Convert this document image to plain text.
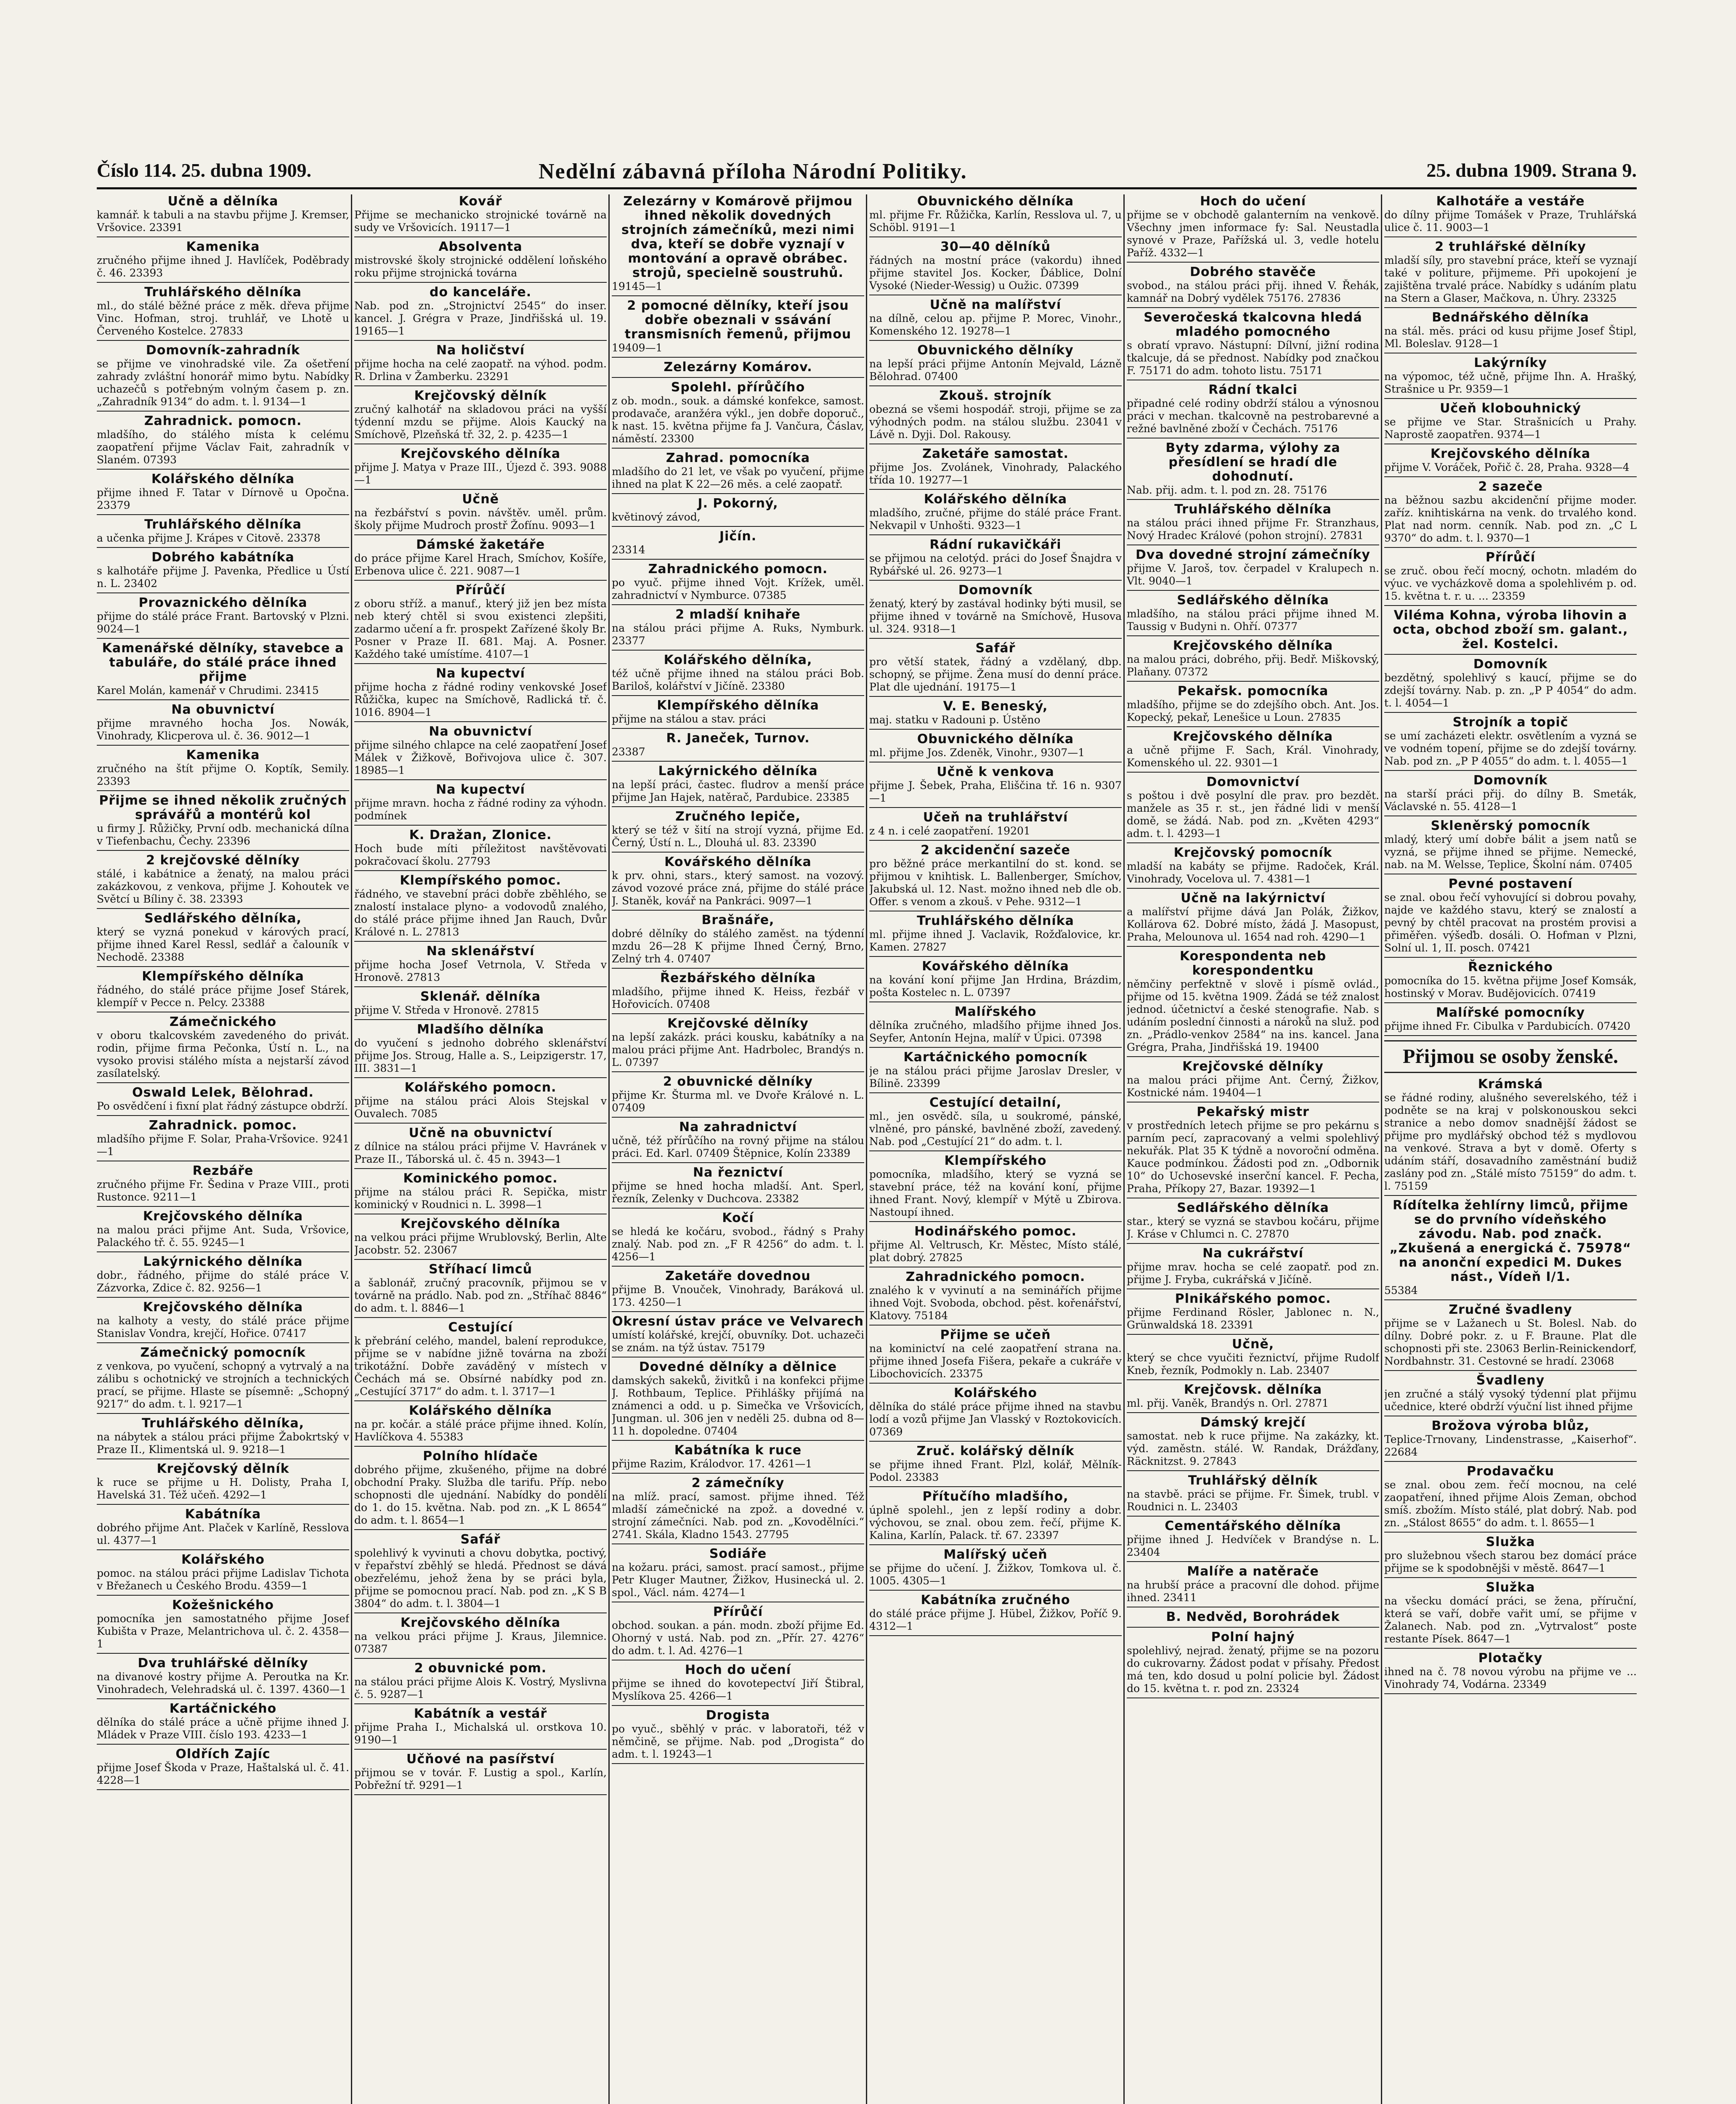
Číslo 114. 25. dubna 1909.	Nedělní zábavná příloha Národní Politiky.	25. dubna 1909. Strana 9.
Učně a dělníka
kamnář. k tabuli a na stavbu přijme J. Kremser, Vršovice. 23391
Kamenika
zručného přijme ihned J. Havlíček, Poděbrady č. 46. 23393
Truhlářského dělníka
ml., do stálé běžné práce z měk. dřeva přijme Vinc. Hofman, stroj. truhlář, ve Lhotě u Červeného Kostelce. 27833
Domovník-zahradník
se přijme ve vinohradské vile. Za ošetření zahrady zvláštní honorář mimo bytu. Nabídky uchazečů s potřebným volným časem p. zn. „Zahradník 9134“ do adm. t. l. 9134—1
Zahradnick. pomocn.
mladšího, do stálého místa k celému zaopatření přijme Václav Fait, zahradník v Slaném. 07393
Kolářského dělníka
přijme ihned F. Tatar v Dírnově u Opočna. 23379
Truhlářského dělníka
a učenka přijme J. Krápes v Citově. 23378
Dobrého kabátníka
s kalhotáře přijme J. Pavenka, Předlice u Ústí n. L. 23402
Provaznického dělníka
přijme do stálé práce Frant. Bartovský v Plzni. 9024—1
Kamenářské dělníky, stavebce a tabuláře, do stálé práce ihned přijme
Karel Molán, kamenář v Chrudimi. 23415
Na obuvnictví
přijme mravného hocha Jos. Nowák, Vinohrady, Klicperova ul. č. 36. 9012—1
Kamenika
zručného na štít přijme O. Koptík, Semily. 23393
Přijme se ihned několik zručných správářů a montérů kol
u firmy J. Růžičky, První odb. mechanická dílna v Tiefenbachu, Čechy. 23396
2 krejčovské dělníky
stálé, i kabátnice a ženatý, na malou práci zakázkovou, z venkova, přijme J. Kohoutek ve Světcí u Bíliny č. 38. 23393
Sedlářského dělníka,
který se vyzná ponekud v kárových prací, přijme ihned Karel Ressl, sedlář a čalouník v Nechodě. 23388
Klempířského dělníka
řádného, do stálé práce přijme Josef Stárek, klempíř v Pecce n. Pelcy. 23388
Zámečnického
v oboru tkalcovském zavedeného do privát. rodin, přijme firma Pečonka, Ústí n. L., na vysoko provisi stálého místa a nejstarší závod zasílatelský.
Oswald Lelek, Bělohrad.
Po osvědčení i fixní plat řádný zástupce obdrží.
Zahradnick. pomoc.
mladšího přijme F. Solar, Praha-Vršovice. 9241—1
Rezbáře
zručného přijme Fr. Šedina v Praze VIII., proti Rustonce. 9211—1
Krejčovského dělníka
na malou práci přijme Ant. Suda, Vršovice, Palackého tř. č. 55. 9245—1
Lakýrnického dělníka
dobr., řádného, přijme do stálé práce V. Zázvorka, Zdice č. 82. 9256—1
Krejčovského dělníka
na kalhoty a vesty, do stálé práce přijme Stanislav Vondra, krejčí, Hořice. 07417
Zámečnický pomocník
z venkova, po vyučení, schopný a vytrvalý a na zálibu s ochotnický ve strojních a technických prací, se přijme. Hlaste se písemně: „Schopný 9217“ do adm. t. l. 9217—1
Truhlářského dělníka,
na nábytek a stálou práci přijme Žabokrtský v Praze II., Klimentská ul. 9. 9218—1
Krejčovský dělník
k ruce se přijme u H. Dolisty, Praha I, Havelská 31. Též učeň. 4292—1
Kabátníka
dobrého přijme Ant. Plaček v Karlíně, Resslova ul. 4377—1
Kolářského
pomoc. na stálou práci přijme Ladislav Tichota v Břežanech u Českého Brodu. 4359—1
Kožešnického
pomocníka jen samostatného přijme Josef Kubišta v Praze, Melantrichova ul. č. 2. 4358—1
Dva truhlářské dělníky
na divanové kostry přijme A. Peroutka na Kr. Vinohradech, Velehradská ul. č. 1397. 4360—1
Kartáčnického
dělníka do stálé práce a učně přijme ihned J. Mládek v Praze VIII. číslo 193. 4233—1
Oldřích Zajíc
přijme Josef Škoda v Praze, Haštalská ul. č. 41. 4228—1
Kovář
Přijme se mechanicko strojnické továrně na sudy ve Vršovicích. 19117—1
Absolventa
mistrovské školy strojnické oddělení loňského roku přijme strojnická továrna
do kanceláře.
Nab. pod zn. „Strojnictví 2545“ do inser. kancel. J. Grégra v Praze, Jindřišská ul. 19. 19165—1
Na holičství
přijme hocha na celé zaopatř. na výhod. podm. R. Drlina v Žamberku. 23291
Krejčovský dělník
zručný kalhotář na skladovou práci na vyšší týdenní mzdu se přijme. Alois Kaucký na Smíchově, Plzeňská tř. 32, 2. p. 4235—1
Krejčovského dělníka
přijme J. Matya v Praze III., Újezd č. 393. 9088—1
Učně
na řezbářství s povin. návštěv. uměl. prům. školy přijme Mudroch prostř Žofínu. 9093—1
Dámské žaketáře
do práce přijme Karel Hrach, Smíchov, Košíře, Erbenova ulice č. 221. 9087—1
Přírůčí
z oboru stříž. a manuf., který již jen bez místa neb který chtěl si svou existenci zlepšiti, zadarmo učení a fr. prospekt Zařízené školy Br. Posner v Praze II. 681. Maj. A. Posner. Každého také umístíme. 4107—1
Na kupectví
přijme hocha z řádné rodiny venkovské Josef Růžička, kupec na Smíchově, Radlická tř. č. 1016. 8904—1
Na obuvnictví
přijme silného chlapce na celé zaopatření Josef Málek v Žižkově, Bořivojova ulice č. 307. 18985—1
Na kupectví
přijme mravn. hocha z řádné rodiny za výhodn. podmínek
K. Dražan, Zlonice.
Hoch bude míti příležitost navštěvovati pokračovací školu. 27793
Klempířského pomoc.
řádného, ve stavební práci dobře zběhlého, se znalostí instalace plyno- a vodovodů znalého, do stálé práce přijme ihned Jan Rauch, Dvůr Králové n. L. 27813
Na sklenářství
přijme hocha Josef Vetrnola, V. Středa v Hronově. 27813
Sklenář. dělníka
přijme V. Středa v Hronově. 27815
Mladšího dělníka
do vyučení s jednoho dobrého sklenářství přijme Jos. Stroug, Halle a. S., Leipzigerstr. 17, III. 3831—1
Kolářského pomocn.
přijme na stálou práci Alois Stejskal v Ouvalech. 7085
Učně na obuvnictví
z dílnice na stálou práci přijme V. Havránek v Praze II., Táborská ul. č. 45 n. 3943—1
Kominického pomoc.
přijme na stálou práci R. Sepička, mistr kominický v Roudnici n. L. 3998—1
Krejčovského dělníka
na velkou práci přijme Wrublovský, Berlin, Alte Jacobstr. 52. 23067
Stříhací limců
a šablonář, zručný pracovník, přijmou se v továrně na prádlo. Nab. pod zn. „Stříhač 8846“ do adm. t. l. 8846—1
Cestující
k přebrání celého, mandel, balení reprodukce, přijme se v nabídne jižně továrna na zboží trikotážní. Dobře zaváděný v místech v Čechách má se. Obsírné nabídky pod zn. „Cestující 3717“ do adm. t. l. 3717—1
Kolářského dělníka
na pr. kočár. a stálé práce přijme ihned. Kolín, Havlíčkova 4. 55383
Polního hlídače
dobrého přijme, zkušeného, přijme na dobré obchodní Praky. Služba dle tarifu. Příp. nebo schopnosti dle ujednání. Nabídky do pondělí do 1. do 15. května. Nab. pod zn. „K L 8654“ do adm. t. l. 8654—1
Safář
spolehlivý k vyvinuti a chovu dobytka, poctivý, v řepařství zběhlý se hledá. Přednost se dává obezřelému, jehož žena by se práci byla, přijme se pomocnou prací. Nab. pod zn. „K S B 3804“ do adm. t. l. 3804—1
Krejčovského dělníka
na velkou práci přijme J. Kraus, Jilemnice. 07387
2 obuvnické pom.
na stálou práci přijme Alois K. Vostrý, Myslivna č. 5. 9287—1
Kabátník a vestář
přijme Praha I., Michalská ul. orstkova 10. 9190—1
Učňové na pasířství
přijmou se v továr. F. Lustig a spol., Karlín, Pobřežní tř. 9291—1
Zelezárny v Komárově přijmou ihned několik dovedných strojních zámečníků, mezi nimi dva, kteří se dobře vyznají v montování a opravě obrábec. strojů, specielně soustruhů.
19145—1
2 pomocné dělníky, kteří jsou dobře obeznali v ssávání transmisních řemenů, přijmou
19409—1
Zelezárny Komárov.
Spolehl. přírůčího
z ob. modn., souk. a dámské konfekce, samost. prodavače, aranžéra výkl., jen dobře doporuč., k nast. 15. května přijme fa J. Vančura, Čáslav, náměstí. 23300
Zahrad. pomocníka
mladšího do 21 let, ve však po vyučení, přijme ihned na plat K 22—26 měs. a celé zaopatř.
J. Pokorný,
květinový závod,
Jičín.
23314
Zahradnického pomocn.
po vyuč. přijme ihned Vojt. Krížek, uměl. zahradnictví v Nymburce. 07385
2 mladší knihaře
na stálou práci přijme A. Ruks, Nymburk. 23377
Kolářského dělníka,
též učně přijme ihned na stálou práci Bob. Bariloš, kolářství v Jičíně. 23380
Klempířského dělníka
přijme na stálou a stav. práci
R. Janeček, Turnov.
23387
Lakýrnického dělníka
na lepší práci, častec. fludrov a menší práce přijme Jan Hajek, natěrač, Pardubice. 23385
Zručného lepiče,
který se též v šití na strojí vyzná, přijme Ed. Černý, Ústí n. L., Dlouhá ul. 83. 23390
Kovářského dělníka
k prv. ohni, stars., který samost. na vozový. závod vozové práce zná, přijme do stálé práce J. Staněk, kovář na Pankráci. 9097—1
Brašnáře,
dobré dělníky do stálého zaměst. na týdenní mzdu 26—28 K přijme Ihned Černý, Brno, Zelný trh 4. 07407
Řezbářského dělníka
mladšího, přijme ihned K. Heiss, řezbář v Hořovicích. 07408
Krejčovské dělníky
na lepší zakázk. práci kousku, kabátníky a na malou práci přijme Ant. Hadrbolec, Brandýs n. L. 07397
2 obuvnické dělníky
přijme Kr. Šturma ml. ve Dvoře Králové n. L. 07409
Na zahradnictví
učně, též přírůčího na rovný přijme na stálou práci. Ed. Karl. 07409 Štěpnice, Kolín 23389
Na řeznictví
přijme se hned hocha mladší. Ant. Sperl, řezník, Zelenky v Duchcova. 23382
Kočí
se hledá ke kočáru, svobod., řádný s Prahy znalý. Nab. pod zn. „F R 4256“ do adm. t. l. 4256—1
Zaketáře dovednou
přijme B. Vnouček, Vinohrady, Baráková ul. 173. 4250—1
Okresní ústav práce ve Velvarech
umístí kolářské, krejčí, obuvníky. Dot. uchazeči se znám. na týž ústav. 75179
Dovedné dělníky a dělnice
damských sakeků, živitků i na konfekci přijme J. Rothbaum, Teplice. Přihlášky přijímá na známenci a odd. u p. Simečka ve Vršovicích, Jungman. ul. 306 jen v neděli 25. dubna od 8—11 h. dopoledne. 07404
Kabátníka k ruce
přijme Razim, Králodvor. 17. 4261—1
2 zámečníky
na mlíž. prací, samost. přijme ihned. Též mladší zámečnické na zpož. a dovedné v. strojní zámečníci. Nab. pod zn. „Kovodělníci.“ 2741. Skála, Kladno 1543. 27795
Sodiáře
na kožaru. práci, samost. prací samost., přijme Petr Kluger Mautner, Žižkov, Husinecká ul. 2. spol., Václ. nám. 4274—1
Přírůčí
obchod. soukan. a pán. modn. zboží přijme Ed. Ohorný v ustá. Nab. pod zn. „Přír. 27. 4276“ do adm. t. l. Ad. 4276—1
Hoch do učení
přijme se ihned do kovotepectví Jiří Štibral, Myslíkova 25. 4266—1
Drogista
po vyuč., sběhlý v prác. v laboratoři, též v němčině, se přijme. Nab. pod „Drogista“ do adm. t. l. 19243—1
Obuvnického dělníka
ml. přijme Fr. Růžička, Karlín, Resslova ul. 7, u Schöbl. 9191—1
30—40 dělníků
řádných na mostní práce (vakordu) ihned přijme stavitel Jos. Kocker, Ďáblice, Dolní Vysoké (Nieder-Wessig) u Oužic. 07399
Učně na malířství
na dílně, celou ap. přijme P. Morec, Vinohr., Komenského 12. 19278—1
Obuvnického dělníky
na lepší práci přijme Antonín Mejvald, Lázně Bělohrad. 07400
Zkouš. strojník
obezná se všemi hospodář. stroji, přijme se za výhodných podm. na stálou službu. 23041 v Lávě n. Dyji. Dol. Rakousy.
Zaketáře samostat.
přijme Jos. Zvolánek, Vinohrady, Palackého třída 10. 19277—1
Kolářského dělníka
mladšího, zručné, přijme do stálé práce Frant. Nekvapil v Unhošti. 9323—1
Rádní rukavičkáři
se přijmou na celotýd. práci do Josef Šnajdra v Rybářské ul. 26. 9273—1
Domovník
ženatý, který by zastával hodinky býti musil, se přijme ihned v továrně na Smíchově, Husova ul. 324. 9318—1
Safář
pro větší statek, řádný a vzdělaný, dbp. schopný, se přijme. Žena musí do denní práce. Plat dle ujednání. 19175—1
V. E. Beneský,
maj. statku v Radouni p. Ústěno
Obuvnického dělníka
ml. přijme Jos. Zdeněk, Vinohr., 9307—1
Učně k venkova
přijme J. Šebek, Praha, Eliščina tř. 16 n. 9307—1
Učeň na truhlářství
z 4 n. i celé zaopatření. 19201
2 akcidenční sazeče
pro běžné práce merkantilní do st. kond. se přijmou v knihtisk. L. Ballenberger, Smíchov, Jakubská ul. 12. Nast. možno ihned neb dle ob. Offer. s venom a zkouš. v Pehe. 9312—1
Truhlářského dělníka
ml. přijme ihned J. Vaclavik, Rožďalovice, kr. Kamen. 27827
Kovářského dělníka
na kování koní přijme Jan Hrdina, Brázdim, pošta Kostelec n. L. 07397
Malířského
dělníka zručného, mladšího přijme ihned Jos. Seyfer, Antonín Hejna, malíř v Úpici. 07398
Kartáčnického pomocník
je na stálou práci přijme Jaroslav Dresler, v Bílině. 23399
Cestující detailní,
ml., jen osvědč. síla, u soukromé, pánské, vlněné, pro pánské, bavlněné zboží, zavedený. Nab. pod „Cestující 21“ do adm. t. l.
Klempířského
pomocníka, mladšího, který se vyzná se stavební práce, též na kování koní, přijme ihned Frant. Nový, klempíř v Mýtě u Zbirova. Nastoupí ihned.
Hodinářského pomoc.
přijme Al. Veltrusch, Kr. Městec, Místo stálé, plat dobrý. 27825
Zahradnického pomocn.
znalého k v vyvinutí a na seminářích přijme ihned Vojt. Svoboda, obchod. pěst. kořenářství, Klatovy. 75184
Přijme se učeň
na kominictví na celé zaopatření strana na. přijme ihned Josefa Fišera, pekaře a cukráře v Libochovicích. 23375
Kolářského
dělníka do stálé práce přijme ihned na stavbu lodí a vozů přijme Jan Vlasský v Roztokovicích. 07369
Zruč. kolářský dělník
se přijme ihned Frant. Plzl, kolář, Mělník-Podol. 23383
Přítučího mladšího,
úplně spolehl., jen z lepší rodiny a dobr. výchovou, se znal. obou zem. řečí, přijme K. Kalina, Karlín, Palack. tř. 67. 23397
Malířský učeň
se přijme do učení. J. Žižkov, Tomkova ul. č. 1005. 4305—1
Kabátníka zručného
do stálé práce přijme J. Hübel, Žižkov, Poříč 9. 4312—1
Hoch do učení
přijme se v obchodě galanterním na venkově. Všechny jmen informace fy: Sal. Neustadla synové v Praze, Pařížská ul. 3, vedle hotelu Paříž. 4332—1
Dobrého stavěče
svobod., na stálou práci přij. ihned V. Řehák, kamnář na Dobrý vydělek 75176. 27836
Severočeská tkalcovna hledá mladého pomocného
s obratí vpravo. Nástupní: Dílvní, jižní rodina tkalcuje, dá se přednost. Nabídky pod značkou F. 75171 do adm. tohoto listu. 75171
Rádní tkalci
připadné celé rodiny obdrží stálou a výnosnou práci v mechan. tkalcovně na pestrobarevné a režné bavlněné zboží v Čechách. 75176
Byty zdarma, výlohy za přesídlení se hradí dle dohodnutí.
Nab. přij. adm. t. l. pod zn. 28. 75176
Truhlářského dělníka
na stálou práci ihned přijme Fr. Stranzhaus, Nový Hradec Králové (pohon strojní). 27831
Dva dovedné strojní zámečníky
přijme V. Jaroš, tov. čerpadel v Kralupech n. Vlt. 9040—1
Sedlářského dělníka
mladšího, na stálou práci přijme ihned M. Taussig v Budyni n. Ohří. 07377
Krejčovského dělníka
na malou práci, dobrého, přij. Bedř. Miškovský, Plaňany. 07372
Pekařsk. pomocníka
mladšího, přijme se do zdejšího obch. Ant. Jos. Kopecký, pekař, Lenešice u Loun. 27835
Krejčovského dělníka
a učně přijme F. Sach, Král. Vinohrady, Komenského ul. 22. 9301—1
Domovnictví
s poštou i dvě posylní dle prav. pro bezdět. manžele as 35 r. st., jen řádné lidi v menší domě, se žádá. Nab. pod zn. „Květen 4293“ adm. t. l. 4293—1
Krejčovský pomocník
mladší na kabáty se přijme. Radoček, Král. Vinohrady, Vocelova ul. 7. 4381—1
Učně na lakýrnictví
a malířství přijme dává Jan Polák, Žižkov, Kollárova 62. Dobré místo, žádá J. Masopust, Praha, Melounova ul. 1654 nad roh. 4290—1
Korespondenta neb korespondentku
němčiny perfektně v slově i písmě ovlád., přijme od 15. května 1909. Žádá se též znalost jednod. účetnictví a české stenografie. Nab. s udáním poslední činnosti a nároků na služ. pod zn. „Prádlo-venkov 2584“ na ins. kancel. Jana Grégra, Praha, Jindřišská 19. 19400
Krejčovské dělníky
na malou práci přijme Ant. Černý, Žižkov, Kostnické nám. 19404—1
Pekařský mistr
v prostředních letech přijme se pro pekárnu s parním pecí, zapracovaný a velmi spolehlivý nekuřák. Plat 35 K týdně a novoroční odměna. Kauce podmínkou. Žádosti pod zn. „Odbornik 10“ do Uchosevské inserční kancel. F. Pecha, Praha, Příkopy 27, Bazar. 19392—1
Sedlářského dělníka
star., který se vyzná se stavbou kočáru, přijme J. Kráse v Chlumci n. C. 27870
Na cukrářství
přijme mrav. hocha se celé zaopatř. pod zn. přijme J. Fryba, cukrářská v Jičíně.
Plnikářského pomoc.
přijme Ferdinand Rösler, Jablonec n. N., Grünwaldská 18. 23391
Učně,
který se chce vyučiti řeznictví, přijme Rudolf Kneb, řezník, Podmokly n. Lab. 23407
Krejčovsk. dělníka
ml. přij. Vaněk, Brandýs n. Orl. 27871
Dámský krejčí
samostat. neb k ruce přijme. Na zakázky, kt. výd. zaměstn. stálé. W. Randak, Drážďany, Räcknitzst. 9. 27843
Truhlářský dělník
na stavbě. práci se přijme. Fr. Šimek, trubl. v Roudnici n. L. 23403
Cementářského dělníka
přijme ihned J. Hedvíček v Brandýse n. L. 23404
Malíře a natěrače
na hrubší práce a pracovní dle dohod. přijme ihned. 23411
B. Nedvěd, Borohrádek
Polní hajný
spolehlivý, nejrad. ženatý, přijme se na pozoru do cukrovarny. Žádost podat v přísahy. Předost má ten, kdo dosud u polní policie byl. Žádost do 15. května t. r. pod zn. 23324
Kalhotáře a vestáře
do dílny přijme Tomášek v Praze, Truhlářská ulice č. 11. 9003—1
2 truhlářské dělníky
mladší síly, pro stavební práce, kteří se vyznají také v politure, přijmeme. Při upokojení je zajištěna trvalé práce. Nabídky s udáním platu na Stern a Glaser, Mačkova, n. Úhry. 23325
Bednářského dělníka
na stál. měs. práci od kusu přijme Josef Štipl, Ml. Boleslav. 9128—1
Lakýrníky
na výpomoc, též učně, přijme Ihn. A. Hrašký, Strašnice u Pr. 9359—1
Učeň klobouhnický
se přijme ve Star. Strašnicích u Prahy. Naprostě zaopatřen. 9374—1
Krejčovského dělníka
přijme V. Voráček, Pořič č. 28, Praha. 9328—4
2 sazeče
na běžnou sazbu akcidenční přijme moder. zaříz. knihtiskárna na venk. do trvalého kond. Plat nad norm. cenník. Nab. pod zn. „C L 9370“ do adm. t. l. 9370—1
Přírůčí
se zruč. obou řečí mocný, ochotn. mladém do výuc. ve vycházkově doma a spolehlivém p. od. 15. května t. r. u. ... 23359
Viléma Kohna, výroba lihovin a octa, obchod zboží sm. galant., žel. Kostelci.
Domovník
bezdětný, spolehlivý s kaucí, přijme se do zdejší továrny. Nab. p. zn. „P P 4054“ do adm. t. l. 4054—1
Strojník a topič
se umí zacházeti elektr. osvětlením a vyzná se ve vodném topení, přijme se do zdejší továrny. Nab. pod zn. „P P 4055“ do adm. t. l. 4055—1
Domovník
na starší práci přij. do dílny B. Smeták, Václavské n. 55. 4128—1
Skleněrský pomocník
mladý, který umí dobře bálit a jsem natů se vyzná, se přijme ihned se přijme. Nemecké, nab. na M. Welsse, Teplice, Školní nám. 07405
Pevné postavení
se znal. obou řečí vyhovující si dobrou povahy, najde ve každého stavu, který se znalostí a pevný by chtěl pracovat na prostém provisi a přiměřen. výšeďb. dosáli. O. Hofman v Plzni, Solní ul. 1, II. posch. 07421
Řeznického
pomocníka do 15. května přijme Josef Komsák, hostinský v Morav. Budějovicích. 07419
Malířské pomocníky
přijme ihned Fr. Cibulka v Pardubicích. 07420
Přijmou se osoby ženské.
Krámská
se řádné rodiny, alušného severelského, též i podněte se na kraj v polskonouskou sekci stranice a nebo domov snadnější žádost se přijme pro mydlářský obchod též s mydlovou na venkové. Strava a byt v domě. Oferty s udáním stáří, dosavadního zaměstnání budiž zaslány pod zn. „Stálé místo 75159“ do adm. t. l. 75159
Rídítelka žehlírny limců, přijme se do prvního vídeňského závodu. Nab. pod značk. „Zkušená a energická č. 75978“ na anonční expedici M. Dukes nást., Vídeň I/1.
55384
Zručné švadleny
přijme se v Lažanech u St. Bolesl. Nab. do dílny. Dobré pokr. z. u F. Braune. Plat dle schopnosti při ste. 23063 Berlin-Reinickendorf, Nordbahnstr. 31. Cestovné se hradí. 23068
Švadleny
jen zručné a stálý vysoký týdenní plat přijmu učednice, které obdrží výuční list ihned přijme
Brožova výroba blůz,
Teplice-Trnovany, Lindenstrasse, „Kaiserhof“. 22684
Prodavačku
se znal. obou zem. řečí mocnou, na celé zaopatření, ihned přijme Alois Zeman, obchod smíš. zbožím. Místo stálé, plat dobrý. Nab. pod zn. „Stálost 8655“ do adm. t. l. 8655—1
Služka
pro služebnou všech starou bez domácí práce přijme se k spodobnějši v městě. 8647—1
Služka
na všecku domácí práci, se žena, příruční, která se vaří, dobře vařit umí, se přijme v Žalanech. Nab. pod zn. „Vytrvalost“ poste restante Písek. 8647—1
Plotačky
ihned na č. 78 novou výrobu na přijme ve ... Vinohrady 74, Vodárna. 23349
